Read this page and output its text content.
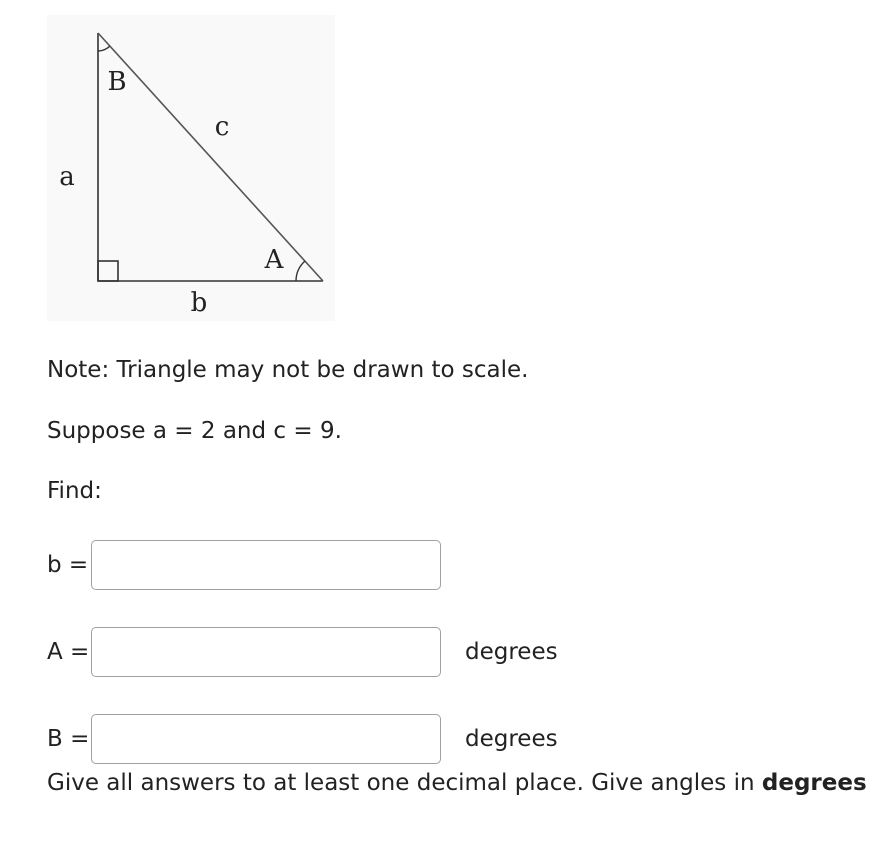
a
b
c
A
B
Note: Triangle may not be drawn to scale.
Suppose a = 2 and c = 9.
Find:
b =
A =	degrees
B =	degrees
Give all answers to at least one decimal place. Give angles in degrees
